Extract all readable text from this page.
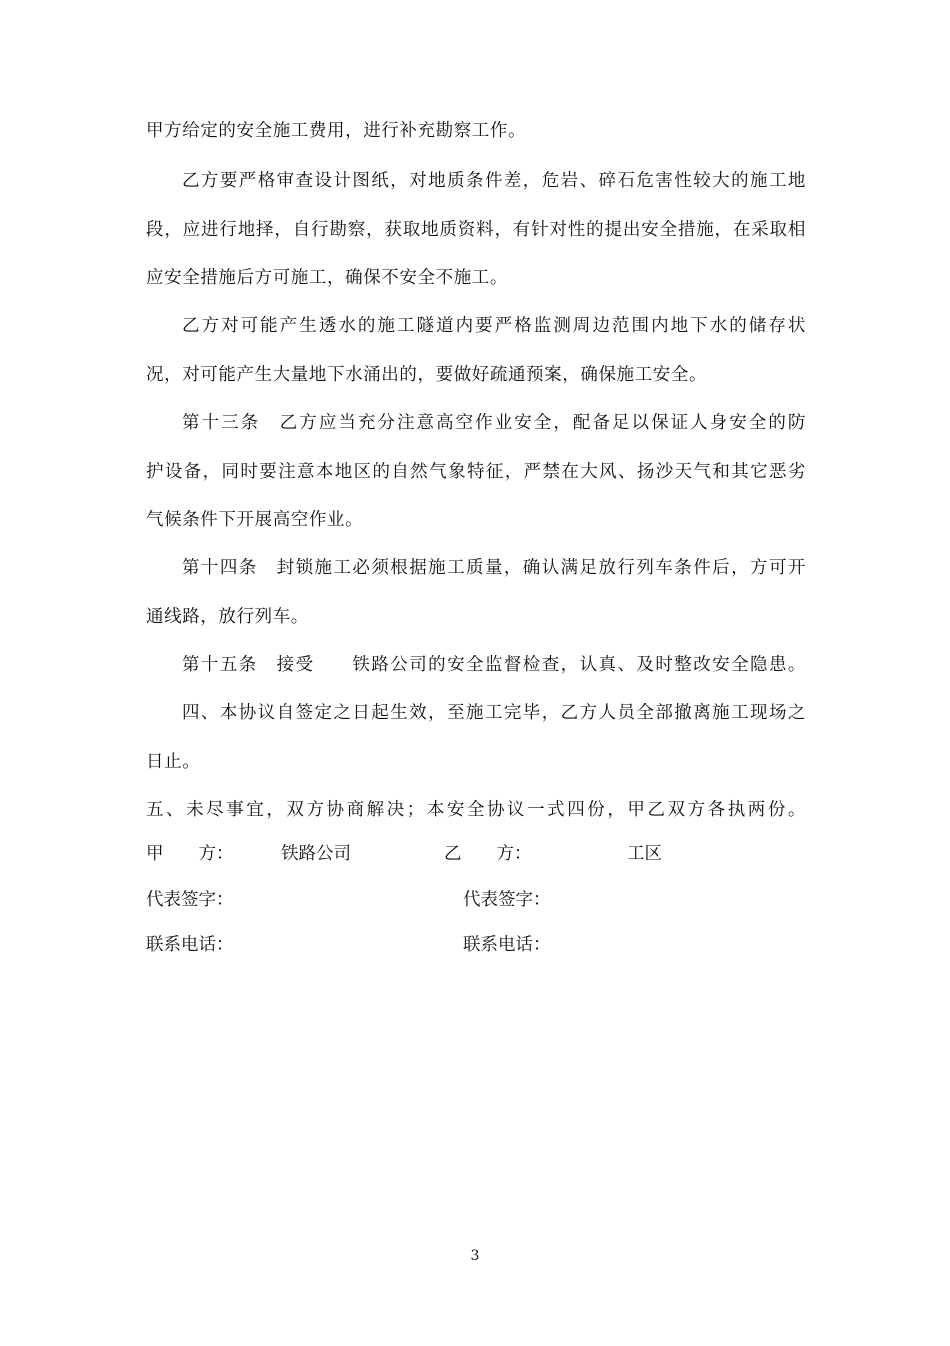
甲方给定的安全施工费用，进行补充勘察工作。
乙方要严格审查设计图纸，对地质条件差，危岩、碎石危害性较大的施工地
段，应进行地择，自行勘察，获取地质资料，有针对性的提出安全措施，在采取相
应安全措施后方可施工，确保不安全不施工。
乙方对可能产生透水的施工隧道内要严格监测周边范围内地下水的储存状
况，对可能产生大量地下水涌出的，要做好疏通预案，确保施工安全。
第十三条　乙方应当充分注意高空作业安全，配备足以保证人身安全的防
护设备，同时要注意本地区的自然气象特征，严禁在大风、扬沙天气和其它恶劣
气候条件下开展高空作业。
第十四条　封锁施工必须根据施工质量，确认满足放行列车条件后，方可开
通线路，放行列车。
第十五条　接受　　铁路公司的安全监督检查，认真、及时整改安全隐患。
四、本协议自签定之日起生效，至施工完毕，乙方人员全部撤离施工现场之
日止。
五、未尽事宜，双方协商解决；本安全协议一式四份，甲乙双方各执两份。
甲　　方：	铁路公司	乙　　方：	工区
代表签字：	代表签字：
联系电话：	联系电话：
3
